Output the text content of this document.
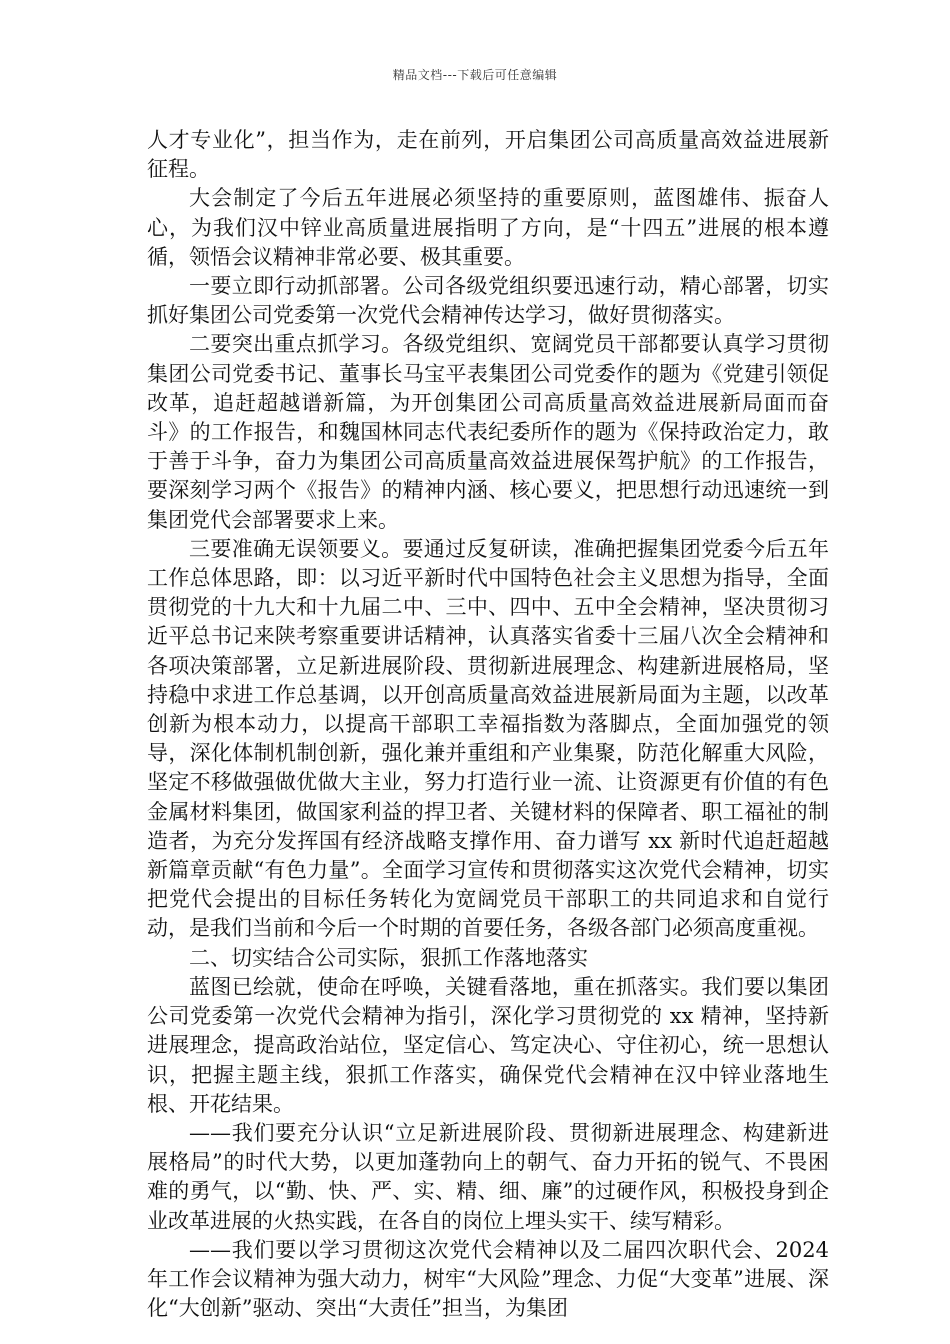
精品文档---下载后可任意编辑

人才专业化”，担当作为，走在前列，开启集团公司高质量高效益进展新征程。

大会制定了今后五年进展必须坚持的重要原则，蓝图雄伟、振奋人心，为我们汉中锌业高质量进展指明了方向，是“十四五”进展的根本遵循，领悟会议精神非常必要、极其重要。

一要立即行动抓部署。公司各级党组织要迅速行动，精心部署，切实抓好集团公司党委第一次党代会精神传达学习，做好贯彻落实。

二要突出重点抓学习。各级党组织、宽阔党员干部都要认真学习贯彻集团公司党委书记、董事长马宝平表集团公司党委作的题为《党建引领促改革，追赶超越谱新篇，为开创集团公司高质量高效益进展新局面而奋斗》的工作报告，和魏国林同志代表纪委所作的题为《保持政治定力，敢于善于斗争，奋力为集团公司高质量高效益进展保驾护航》的工作报告，要深刻学习两个《报告》的精神内涵、核心要义，把思想行动迅速统一到集团党代会部署要求上来。

三要准确无误领要义。要通过反复研读，准确把握集团党委今后五年工作总体思路，即：以习近平新时代中国特色社会主义思想为指导，全面贯彻党的十九大和十九届二中、三中、四中、五中全会精神，坚决贯彻习近平总书记来陕考察重要讲话精神，认真落实省委十三届八次全会精神和各项决策部署，立足新进展阶段、贯彻新进展理念、构建新进展格局，坚持稳中求进工作总基调，以开创高质量高效益进展新局面为主题，以改革创新为根本动力，以提高干部职工幸福指数为落脚点，全面加强党的领导，深化体制机制创新，强化兼并重组和产业集聚，防范化解重大风险，坚定不移做强做优做大主业，努力打造行业一流、让资源更有价值的有色金属材料集团，做国家利益的捍卫者、关键材料的保障者、职工福祉的制造者，为充分发挥国有经济战略支撑作用、奋力谱写 xx 新时代追赶超越新篇章贡献“有色力量”。全面学习宣传和贯彻落实这次党代会精神，切实把党代会提出的目标任务转化为宽阔党员干部职工的共同追求和自觉行动，是我们当前和今后一个时期的首要任务，各级各部门必须高度重视。

二、切实结合公司实际，狠抓工作落地落实

蓝图已绘就，使命在呼唤，关键看落地，重在抓落实。我们要以集团公司党委第一次党代会精神为指引，深化学习贯彻党的 xx 精神，坚持新进展理念，提高政治站位，坚定信心、笃定决心、守住初心，统一思想认识，把握主题主线，狠抓工作落实，确保党代会精神在汉中锌业落地生根、开花结果。

——我们要充分认识“立足新进展阶段、贯彻新进展理念、构建新进展格局”的时代大势，以更加蓬勃向上的朝气、奋力开拓的锐气、不畏困难的勇气，以“勤、快、严、实、精、细、廉”的过硬作风，积极投身到企业改革进展的火热实践，在各自的岗位上埋头实干、续写精彩。

——我们要以学习贯彻这次党代会精神以及二届四次职代会、2024 年工作会议精神为强大动力，树牢“大风险”理念、力促“大变革”进展、深化“大创新”驱动、突出“大责任”担当，为集团
